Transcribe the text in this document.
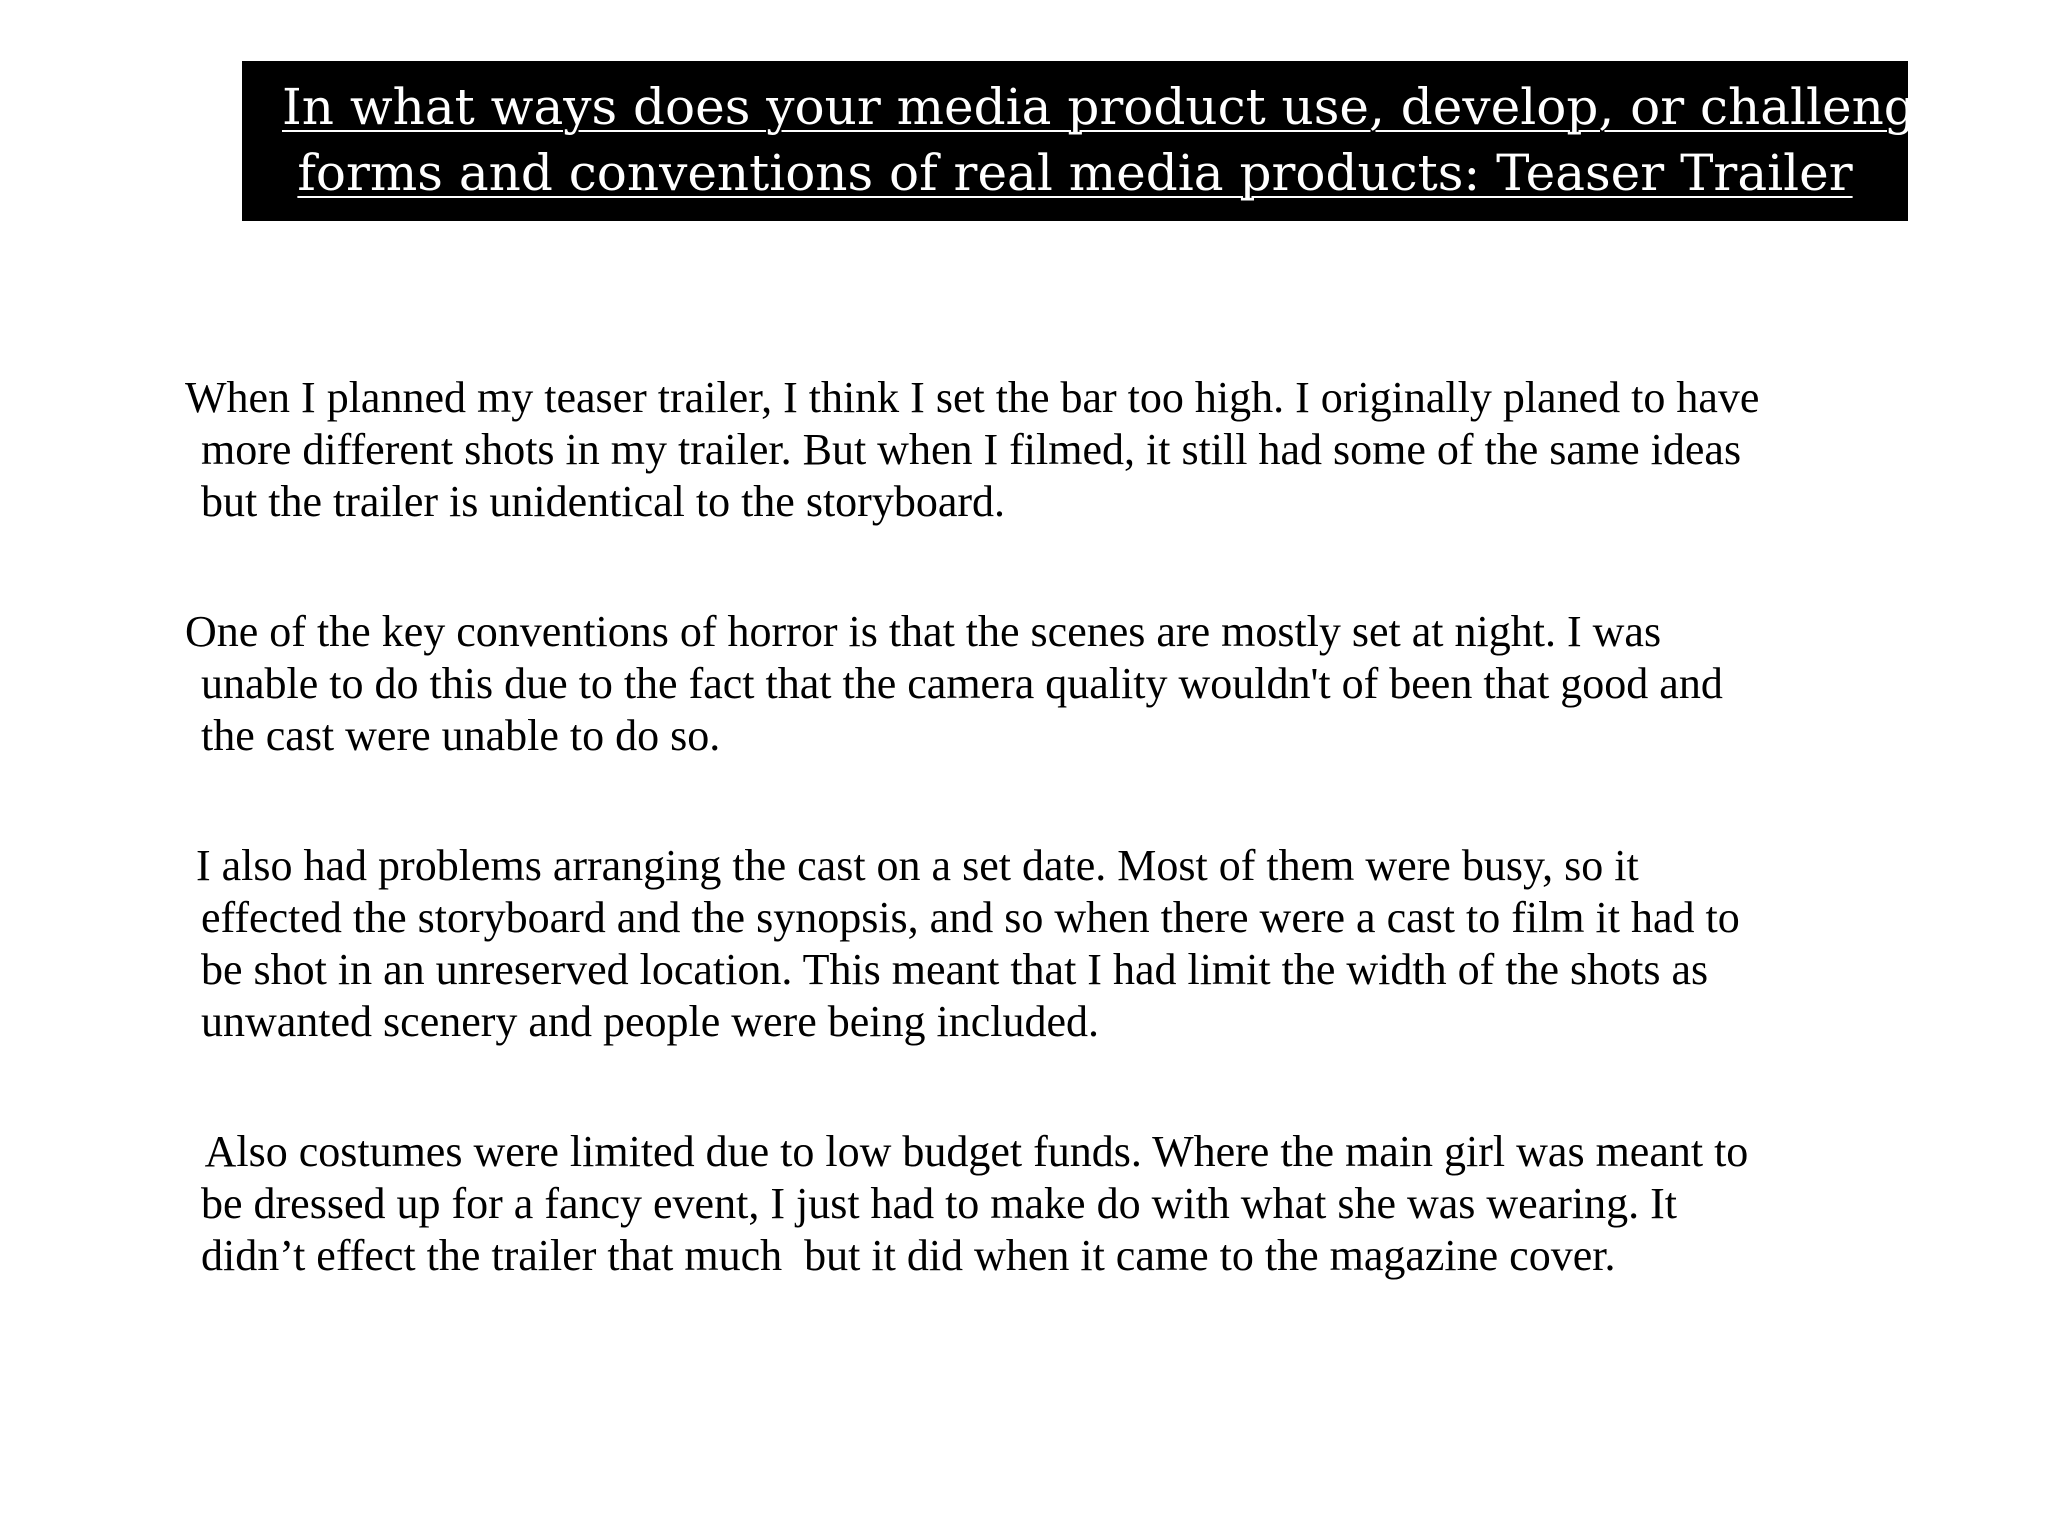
In what ways does your media product use, develop, or challenge
forms and conventions of real media products: Teaser Trailer
When I planned my teaser trailer, I think I set the bar too high. I originally planed to have
more different shots in my trailer. But when I filmed, it still had some of the same ideas
but the trailer is unidentical to the storyboard.
One of the key conventions of horror is that the scenes are mostly set at night. I was
unable to do this due to the fact that the camera quality wouldn't of been that good and
the cast were unable to do so.
I also had problems arranging the cast on a set date. Most of them were busy, so it
effected the storyboard and the synopsis, and so when there were a cast to film it had to
be shot in an unreserved location. This meant that I had limit the width of the shots as
unwanted scenery and people were being included.
Also costumes were limited due to low budget funds. Where the main girl was meant to
be dressed up for a fancy event, I just had to make do with what she was wearing. It
didn’t effect the trailer that much  but it did when it came to the magazine cover.
